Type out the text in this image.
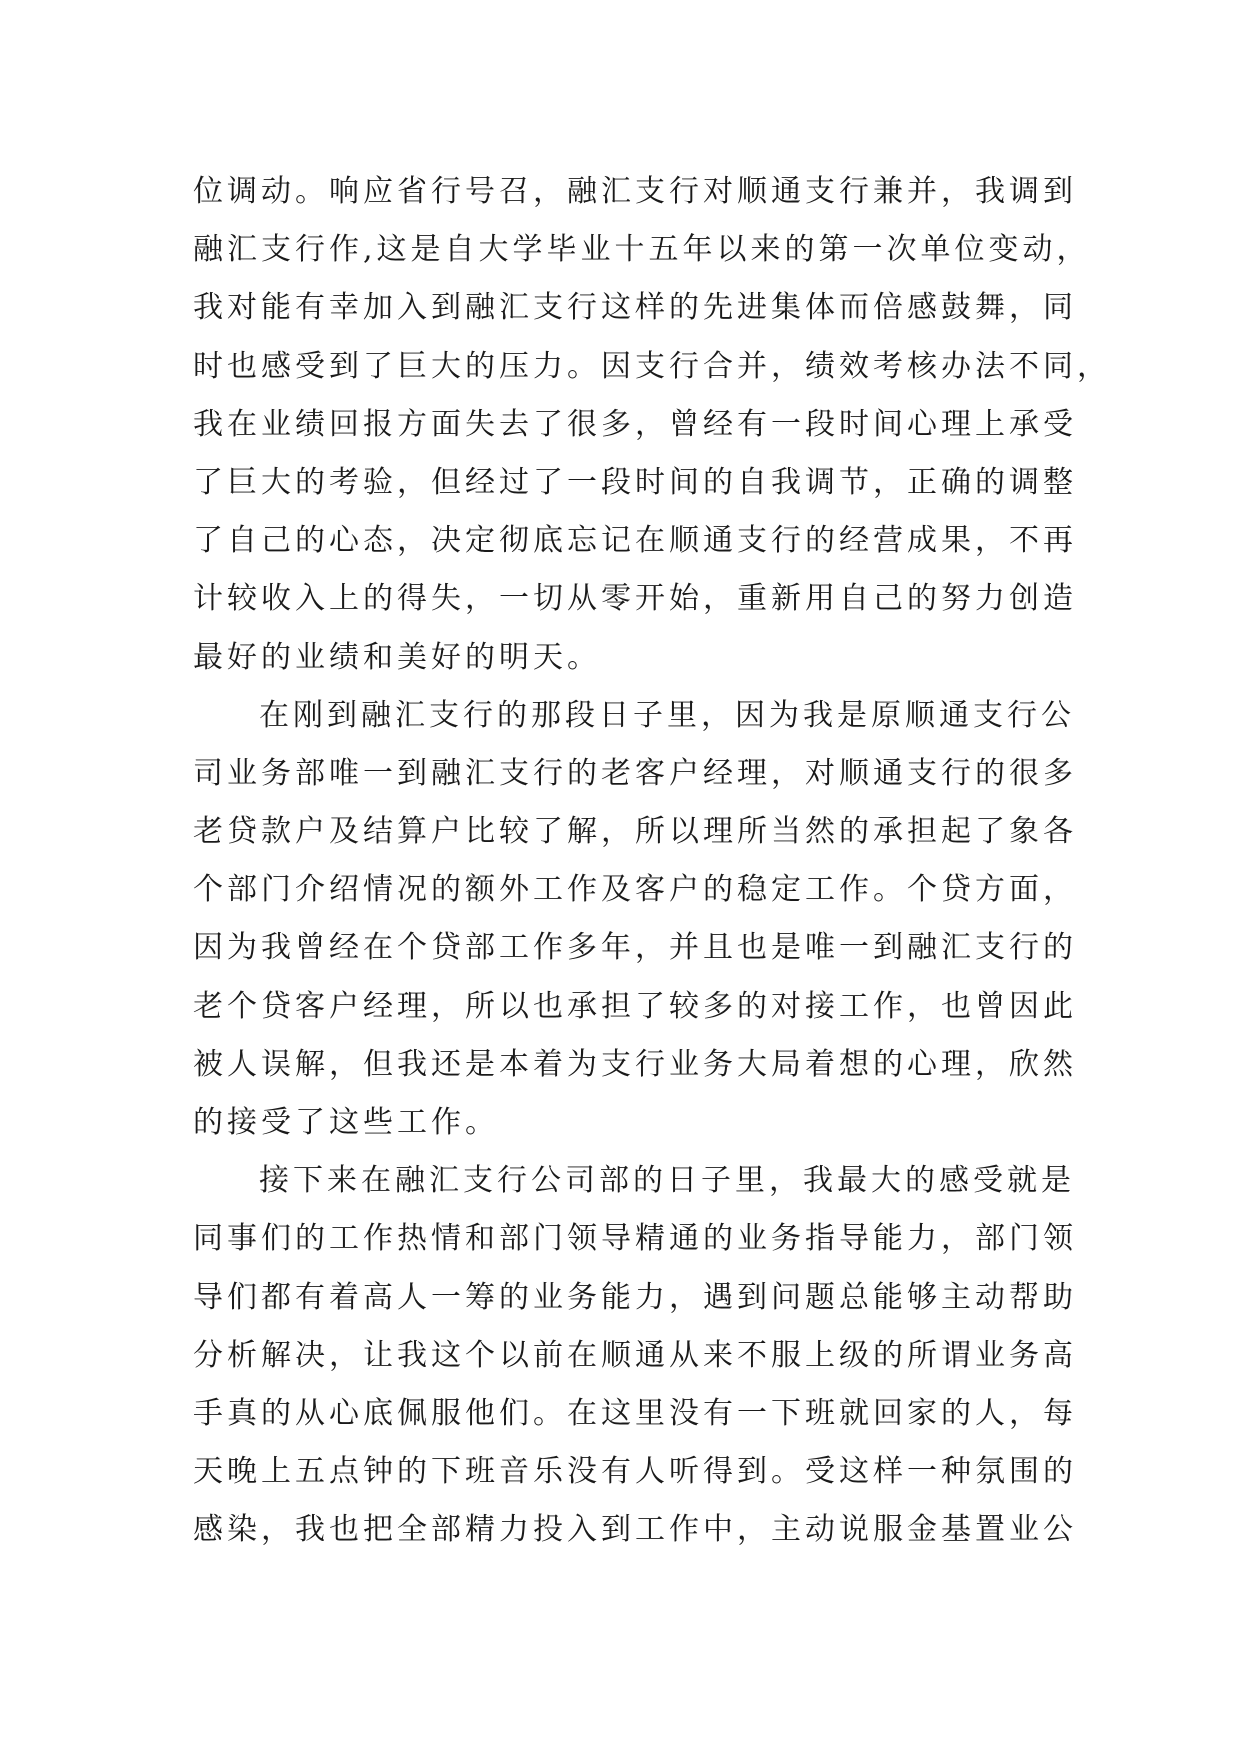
位调动。响应省行号召，融汇支行对顺通支行兼并，我调到
融汇支行作,这是自大学毕业十五年以来的第一次单位变动，
我对能有幸加入到融汇支行这样的先进集体而倍感鼓舞，同
时也感受到了巨大的压力。因支行合并，绩效考核办法不同，
我在业绩回报方面失去了很多，曾经有一段时间心理上承受
了巨大的考验，但经过了一段时间的自我调节，正确的调整
了自己的心态，决定彻底忘记在顺通支行的经营成果，不再
计较收入上的得失，一切从零开始，重新用自己的努力创造
最好的业绩和美好的明天。
在刚到融汇支行的那段日子里，因为我是原顺通支行公
司业务部唯一到融汇支行的老客户经理，对顺通支行的很多
老贷款户及结算户比较了解，所以理所当然的承担起了象各
个部门介绍情况的额外工作及客户的稳定工作。个贷方面，
因为我曾经在个贷部工作多年，并且也是唯一到融汇支行的
老个贷客户经理，所以也承担了较多的对接工作，也曾因此
被人误解，但我还是本着为支行业务大局着想的心理，欣然
的接受了这些工作。
接下来在融汇支行公司部的日子里，我最大的感受就是
同事们的工作热情和部门领导精通的业务指导能力，部门领
导们都有着高人一筹的业务能力，遇到问题总能够主动帮助
分析解决，让我这个以前在顺通从来不服上级的所谓业务高
手真的从心底佩服他们。在这里没有一下班就回家的人，每
天晚上五点钟的下班音乐没有人听得到。受这样一种氛围的
感染，我也把全部精力投入到工作中，主动说服金基置业公
